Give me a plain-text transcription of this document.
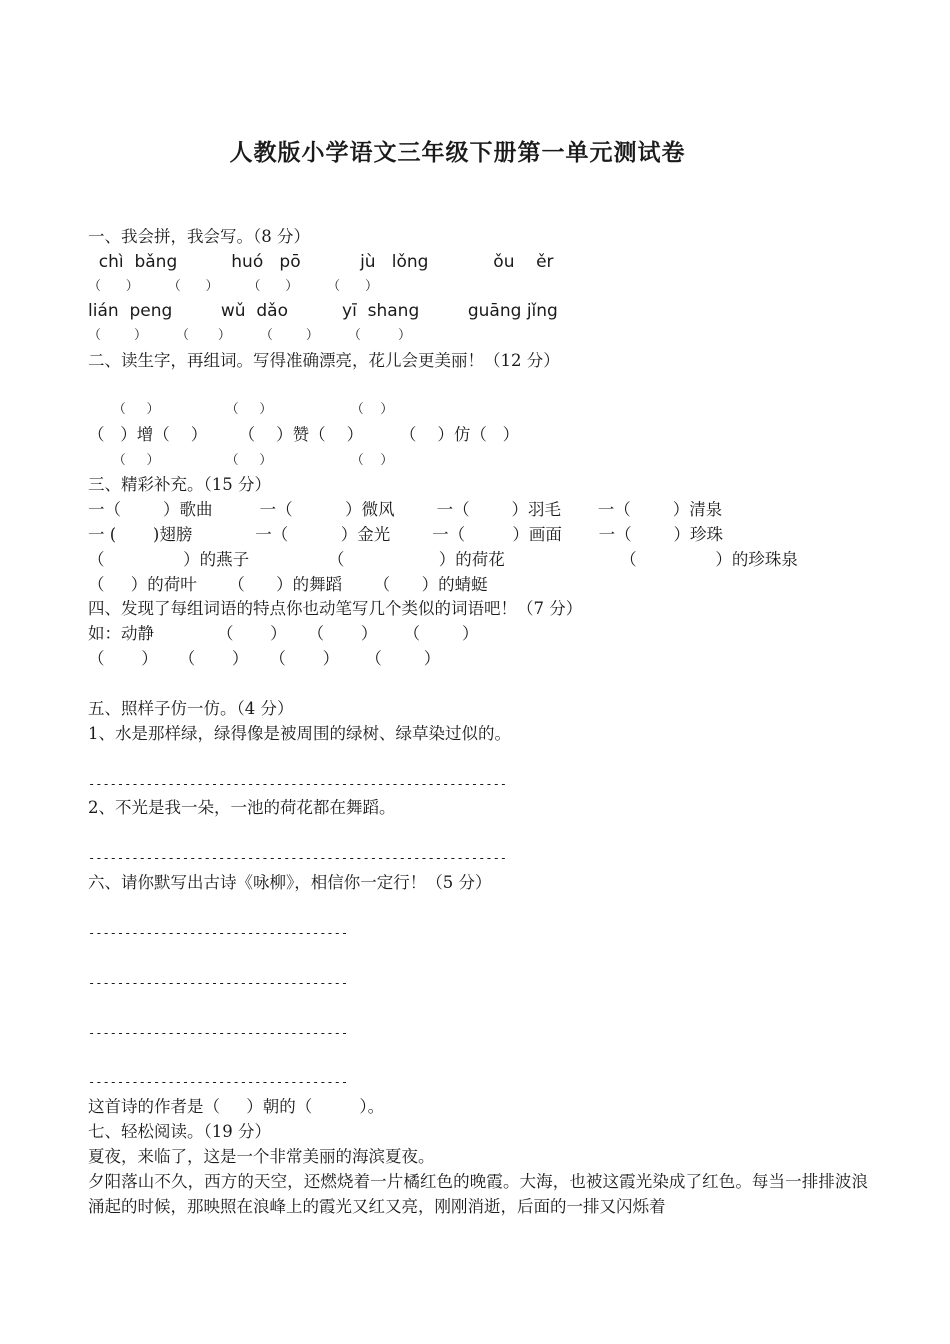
人教版小学语文三年级下册第一单元测试卷
一、我会拼，我会写。（8 分）
chì  bǎng          huó   pō           jù   lǒng            ǒu    ěr
（      ）       （      ）       （      ）       （      ）
lián  peng         wǔ  dǎo          yī  shang         guāng jǐng
（        ）       （       ）       （        ）       （         ）
二、读生字，再组词。写得准确漂亮，花儿会更美丽！（12 分）
（     ）                （     ）                   （    ）
（   ）增（    ）      （    ）赞（    ）       （    ）仿（   ）
（     ）                （     ）                   （    ）
三、精彩补充。（15 分）
一（        ）歌曲         一（          ）微风        一（        ）羽毛       一（        ）清泉
一 (       )翅膀            一（          ）金光        一（         ）画面       一（        ）珍珠
（               ）的燕子               （                  ）的荷花                      （               ）的珍珠泉
（     ）的荷叶      （      ）的舞蹈      （      ）的蜻蜓
四、发现了每组词语的特点你也动笔写几个类似的词语吧！（7 分）
如：动静            （       ）    （       ）     （        ）
（       ）    （       ）    （       ）     （        ）
五、照样子仿一仿。（4 分）
1、水是那样绿，绿得像是被周围的绿树、绿草染过似的。
----------------------------------------------------------
2、不光是我一朵，一池的荷花都在舞蹈。
----------------------------------------------------------
六、请你默写出古诗《咏柳》，相信你一定行！（5 分）
------------------------------------
------------------------------------
------------------------------------
------------------------------------
这首诗的作者是（     ）朝的（         ）。
七、轻松阅读。（19 分）
夏夜，来临了，这是一个非常美丽的海滨夏夜。
夕阳落山不久，西方的天空，还燃烧着一片橘红色的晚霞。大海，也被这霞光染成了红色。每当一排排波浪涌起的时候，那映照在浪峰上的霞光又红又亮，刚刚消逝，后面的一排又闪烁着
